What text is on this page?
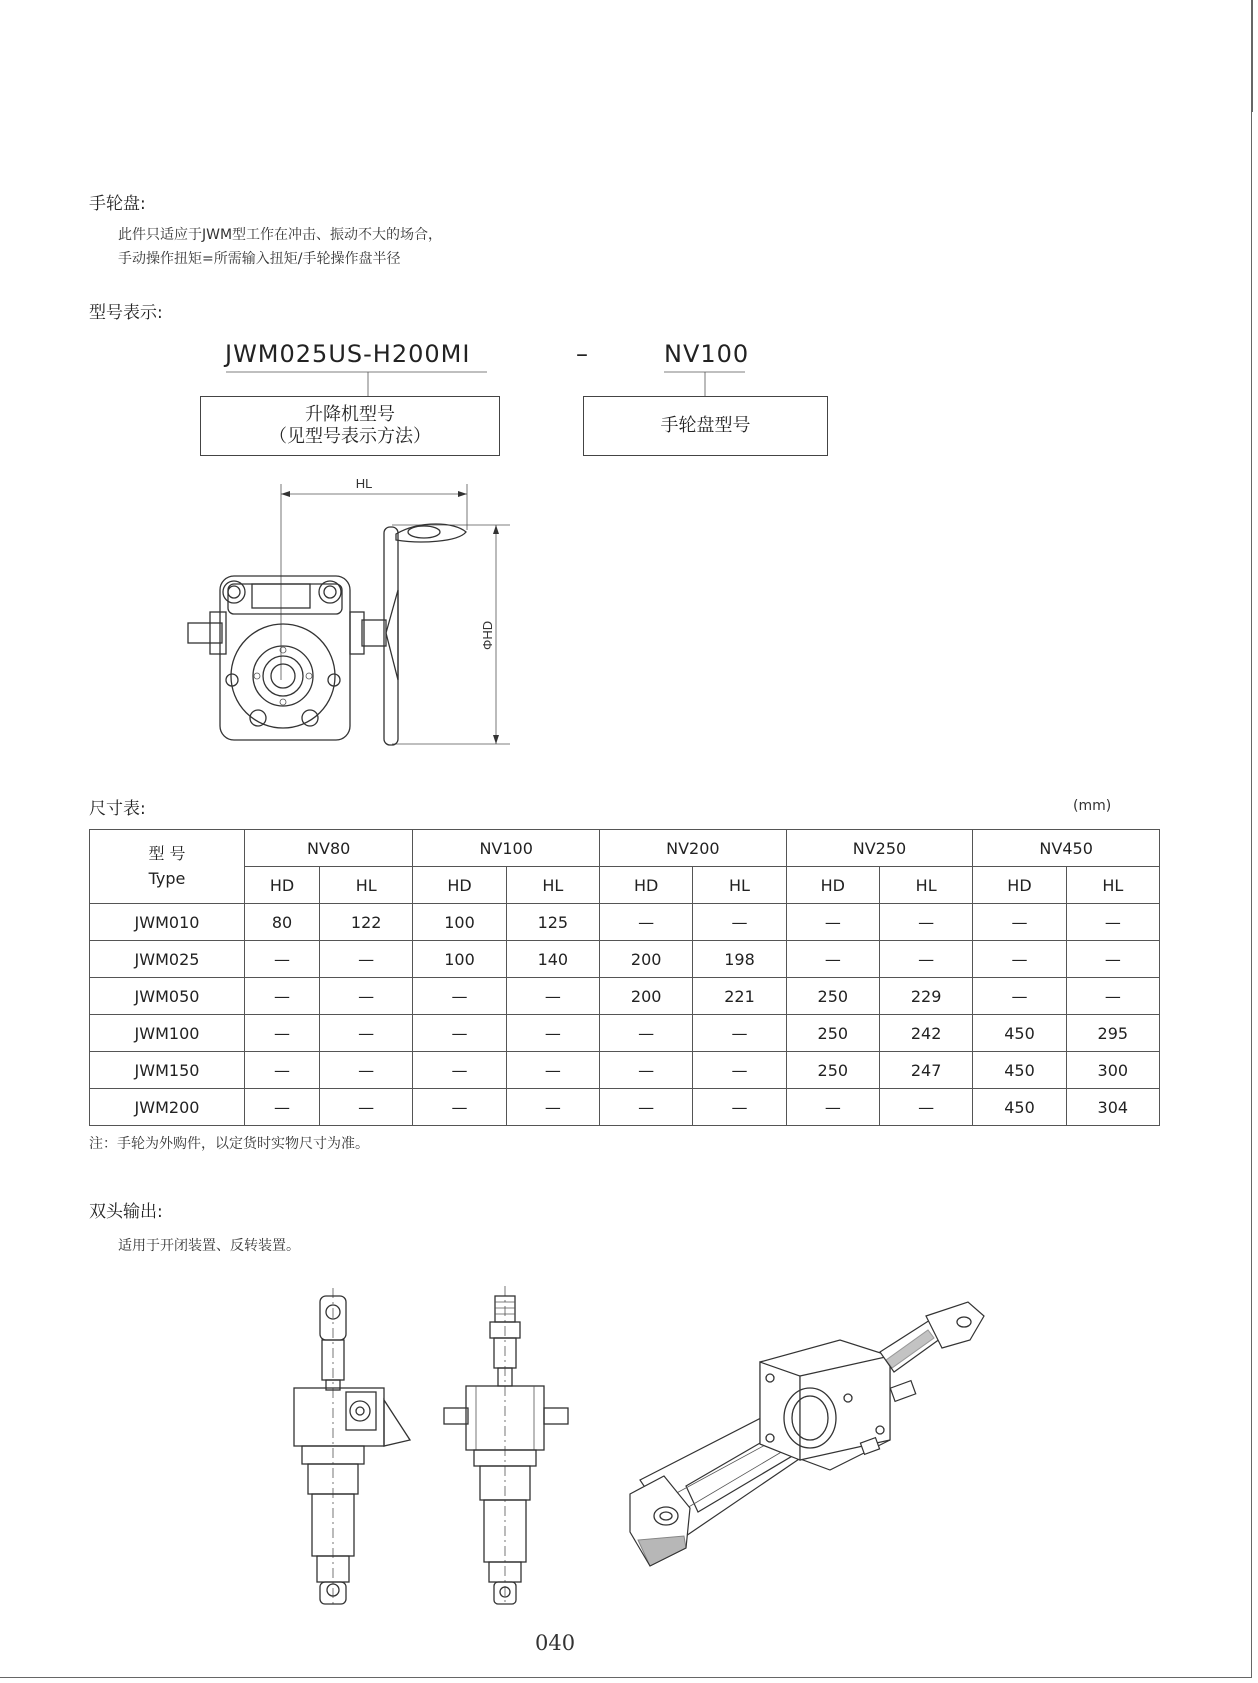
手轮盘:
此件只适应于JWM型工作在冲击、振动不大的场合，
手动操作扭矩=所需输入扭矩/手轮操作盘半径
型号表示:
JWM025US-H200MI	–	NV100
升降机型号
（见型号表示方法）
手轮盘型号
HL
ΦHD
尺寸表:	(mm)
型 号
Type	NV80		NV100		NV200		NV250		NV450	
	HD	HL	HD	HL	HD	HL	HD	HL	HD	HL
JWM010	80	122	100	125	—	—	—	—	—	—
JWM025	—	—	100	140	200	198	—	—	—	—
JWM050	—	—	—	—	200	221	250	229	—	—
JWM100	—	—	—	—	—	—	250	242	450	295
JWM150	—	—	—	—	—	—	250	247	450	300
JWM200	—	—	—	—	—	—	—	—	450	304
注：手轮为外购件，以定货时实物尺寸为准。
双头输出:
适用于开闭装置、反转装置。
040
